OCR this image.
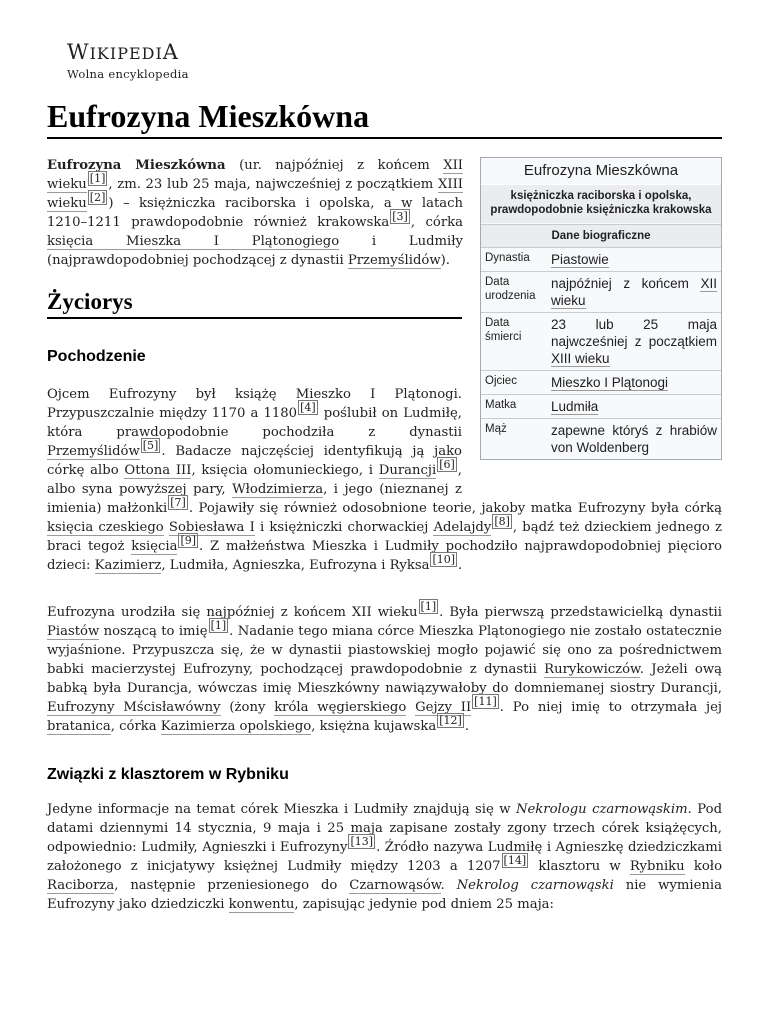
WIKIPEDIA
Wolna encyklopedia
Eufrozyna Mieszkówna
Eufrozyna Mieszkówna (ur. najpóźniej z końcem XII wieku [1] , zm. 23 lub 25 maja, najwcześniej z początkiem XIII wieku [2] ) – księżniczka raciborska i opolska, a w latach 1210–1211 prawdopodobnie również krakowska [3] , córka księcia Mieszka I Plątonogiego i Ludmiły (najprawdopodobniej pochodzącej z dynastii Przemyślidów).
Eufrozyna Mieszkówna
księżniczka raciborska i opolska, prawdopodobnie księżniczka krakowska
Dane biograficzne
Dynastia	Piastowie
Data urodzenia	najpóźniej z końcem XII wieku
Data śmierci	23 lub 25 maja najwcześniej z początkiem XIII wieku
Ojciec	Mieszko I Plątonogi
Matka	Ludmiła
Mąż	zapewne któryś z hrabiów von Woldenberg
Życiorys
Pochodzenie
Ojcem Eufrozyny był książę Mieszko I Plątonogi. Przypuszczalnie między 1170 a 1180 [4] poślubił on Ludmiłę, która prawdopodobnie pochodziła z dynastii Przemyślidów [5] . Badacze najczęściej identyfikują ją jako córkę albo Ottona III, księcia ołomunieckiego, i Durancji [6] , albo syna powyższej pary, Włodzimierza, i jego (nieznanej z imienia) małżonki [7] . Pojawiły się również odosobnione teorie, jakoby matka Eufrozyny była córką księcia czeskiego Sobiesława I i księżniczki chorwackiej Adelajdy [8] , bądź też dzieckiem jednego z braci tegoż księcia [9] . Z małżeństwa Mieszka i Ludmiły pochodziło najprawdopodobniej pięcioro dzieci: Kazimierz, Ludmiła, Agnieszka, Eufrozyna i Ryksa [10] .
Eufrozyna urodziła się najpóźniej z końcem XII wieku [1] . Była pierwszą przedstawicielką dynastii Piastów noszącą to imię [1] . Nadanie tego miana córce Mieszka Plątonogiego nie zostało ostatecznie wyjaśnione. Przypuszcza się, że w dynastii piastowskiej mogło pojawić się ono za pośrednictwem babki macierzystej Eufrozyny, pochodzącej prawdopodobnie z dynastii Rurykowiczów. Jeżeli ową babką była Durancja, wówczas imię Mieszkówny nawiązywałoby do domniemanej siostry Durancji, Eufrozyny Mścisławówny (żony króla węgierskiego Gejzy II [11] . Po niej imię to otrzymała jej bratanica, córka Kazimierza opolskiego, księżna kujawska [12] .
Związki z klasztorem w Rybniku
Jedyne informacje na temat córek Mieszka i Ludmiły znajdują się w Nekrologu czarnowąskim. Pod datami dziennymi 14 stycznia, 9 maja i 25 maja zapisane zostały zgony trzech córek książęcych, odpowiednio: Ludmiły, Agnieszki i Eufrozyny [13] . Źródło nazywa Ludmiłę i Agnieszkę dziedziczkami założonego z inicjatywy księżnej Ludmiły między 1203 a 1207 [14] klasztoru w Rybniku koło Raciborza, następnie przeniesionego do Czarnowąsów. Nekrolog czarnowąski nie wymienia Eufrozyny jako dziedziczki konwentu, zapisując jedynie pod dniem 25 maja:
